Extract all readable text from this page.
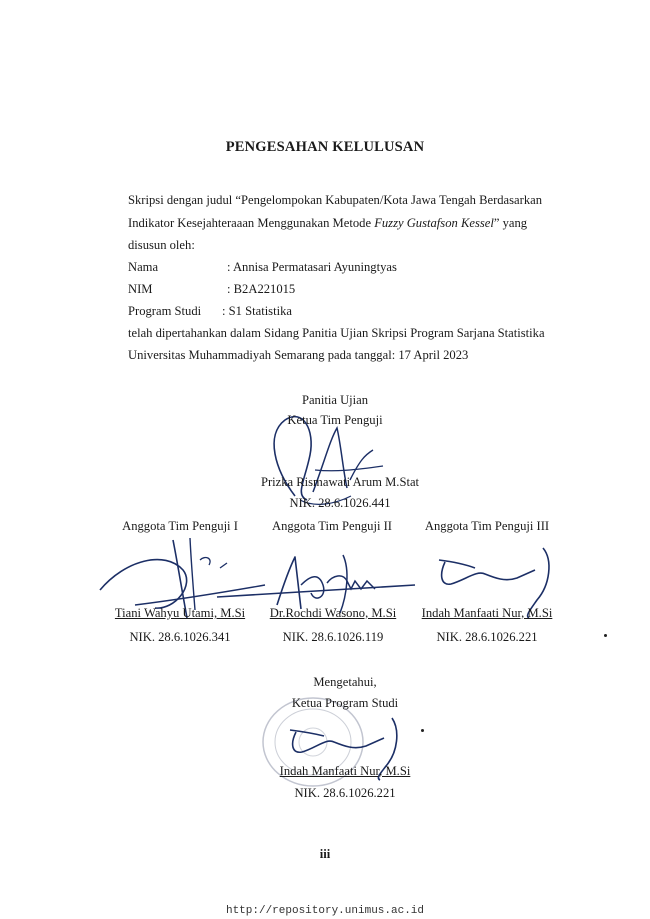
PENGESAHAN KELULUSAN
Skripsi dengan judul “Pengelompokan Kabupaten/Kota Jawa Tengah Berdasarkan
Indikator Kesejahteraaan Menggunakan Metode Fuzzy Gustafson Kessel” yang
disusun oleh:
Nama	: Annisa Permatasari Ayuningtyas
NIM	: B2A221015
Program Studi : S1 Statistika
telah dipertahankan dalam Sidang Panitia Ujian Skripsi Program Sarjana Statistika
Universitas Muhammadiyah Semarang pada tanggal: 17 April 2023
Panitia Ujian
Ketua Tim Penguji
Prizka Rismawati Arum M.Stat
NIK. 28.6.1026.441
Anggota Tim Penguji I	Anggota Tim Penguji II	Anggota Tim Penguji III
Tiani Wahyu Utami, M.Si	Dr.Rochdi Wasono, M.Si	Indah Manfaati Nur, M.Si
NIK. 28.6.1026.341	NIK. 28.6.1026.119	NIK. 28.6.1026.221
Mengetahui,
Ketua Program Studi
Indah Manfaati Nur, M.Si
NIK. 28.6.1026.221
iii
http://repository.unimus.ac.id
